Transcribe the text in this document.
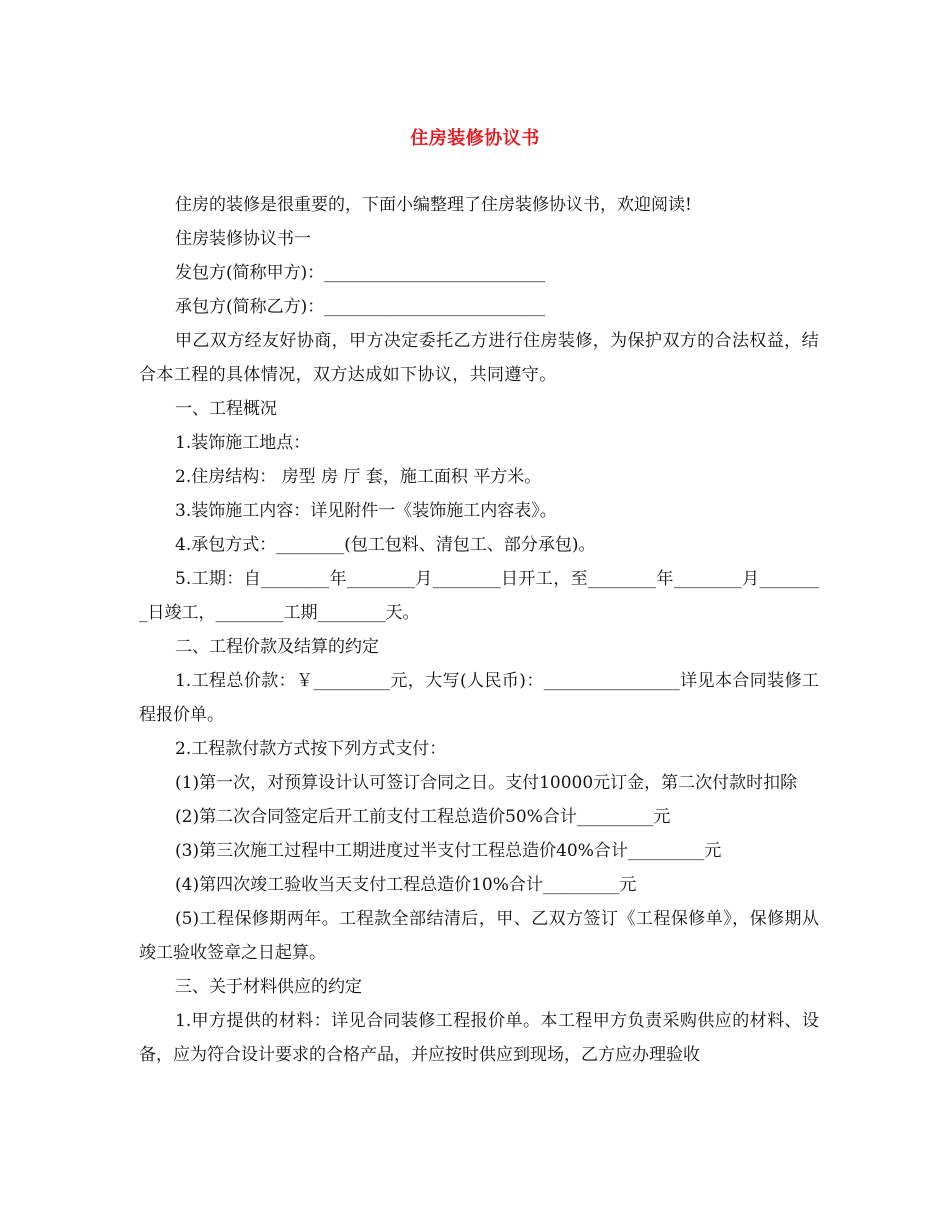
住房装修协议书

住房的装修是很重要的，下面小编整理了住房装修协议书，欢迎阅读!

住房装修协议书一

发包方(简称甲方)：__________________________

承包方(简称乙方)：__________________________

甲乙双方经友好协商，甲方决定委托乙方进行住房装修，为保护双方的合法权益，结合本工程的具体情况，双方达成如下协议，共同遵守。

一、工程概况

1.装饰施工地点：

2.住房结构： 房型 房 厅 套，施工面积 平方米。

3.装饰施工内容：详见附件一《装饰施工内容表》。

4.承包方式：________(包工包料、清包工、部分承包)。

5.工期：自________年________月________日开工，至________年________月________日竣工，________工期________天。

二、工程价款及结算的约定

1.工程总价款：￥_________元，大写(人民币)：________________详见本合同装修工程报价单。

2.工程款付款方式按下列方式支付：

(1)第一次，对预算设计认可签订合同之日。支付10000元订金，第二次付款时扣除

(2)第二次合同签定后开工前支付工程总造价50%合计_________元

(3)第三次施工过程中工期进度过半支付工程总造价40%合计_________元

(4)第四次竣工验收当天支付工程总造价10%合计_________元

(5)工程保修期两年。工程款全部结清后，甲、乙双方签订《工程保修单》，保修期从竣工验收签章之日起算。

三、关于材料供应的约定

1.甲方提供的材料：详见合同装修工程报价单。本工程甲方负责采购供应的材料、设备，应为符合设计要求的合格产品，并应按时供应到现场，乙方应办理验收
